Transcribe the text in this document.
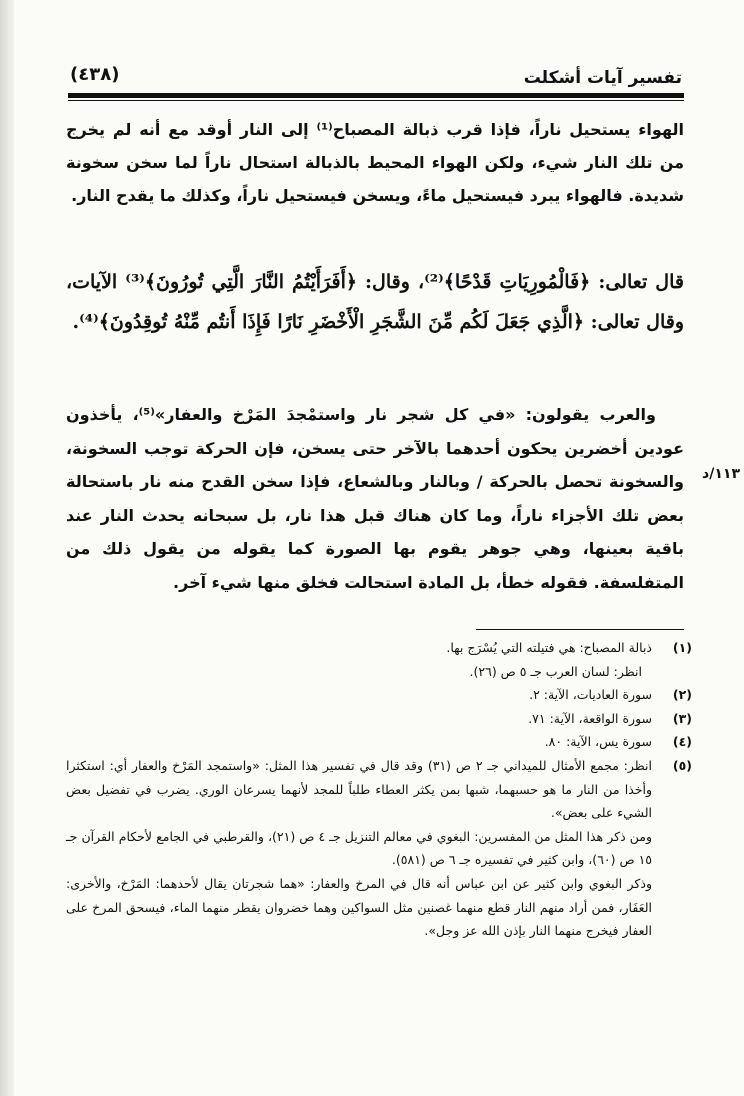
تفسير آيات أشكلت
(٤٣٨)

الهواء يستحيل ناراً، فإذا قرب ذبالة المصباح⁽¹⁾ إلى النار أوقد مع أنه لم يخرج من تلك النار شيء، ولكن الهواء المحيط بالذبالة استحال ناراً لما سخن سخونة شديدة. فالهواء يبرد فيستحيل ماءً، ويسخن فيستحيل ناراً، وكذلك ما يقدح النار.

قال تعالى: ﴿فَالْمُورِيَاتِ قَدْحًا﴾⁽²⁾، وقال: ﴿أَفَرَأَيْتُمُ النَّارَ الَّتِي تُورُونَ﴾⁽³⁾ الآيات، وقال تعالى: ﴿الَّذِي جَعَلَ لَكُم مِّنَ الشَّجَرِ الْأَخْضَرِ نَارًا فَإِذَا أَنتُم مِّنْهُ تُوقِدُونَ﴾⁽⁴⁾.

والعرب يقولون: «في كل شجر نار واستمْجدَ المَرْخ والعفار»⁽⁵⁾، يأخذون عودين أخضرين يحكون أحدهما بالآخر حتى يسخن، فإن الحركة توجب السخونة، والسخونة تحصل بالحركة / وبالنار وبالشعاع، فإذا سخن القدح منه نار باستحالة بعض تلك الأجزاء ناراً، وما كان هناك قبل هذا نار، بل سبحانه يحدث النار عند باقية بعينها، وهي جوهر يقوم بها الصورة كما يقوله من يقول ذلك من المتفلسفة. فقوله خطأ، بل المادة استحالت فخلق منها شيء آخر.

١١٣/د
(١)
ذبالة المصباح: هي فتيلته التي يُسْرَج بها.
انظر: لسان العرب جـ ٥ ص (٢٦).
(٢)
سورة العاديات، الآية: ٢.
(٣)
سورة الواقعة، الآية: ٧١.
(٤)
سورة يس، الآية: ٨٠.
(٥)
انظر: مجمع الأمثال للميداني جـ ٢ ص (٣١) وقد قال في تفسير هذا المثل: «واستمجد المَرْخ والعفار أي: استكثرا وأخذا من النار ما هو حسبهما، شبها بمن يكثر العطاء طلباً للمجد لأنهما يسرعان الوري. يضرب في تفضيل بعض الشيء على بعض».
ومن ذكر هذا المثل من المفسرين: البغوي في معالم التنزيل جـ ٤ ص (٢١)، والقرطبي في الجامع لأحكام القرآن جـ ١٥ ص (٦٠)، وابن كثير في تفسيره جـ ٦ ص (٥٨١).
وذكر البغوي وابن كثير عن ابن عباس أنه قال في المرخ والعفار: «هما شجرتان يقال لأحدهما: المَرْخ، والأخرى: العَفَار، فمن أراد منهم النار قطع منهما غصنين مثل السواكين وهما خضروان يقطر منهما الماء، فيسحق المرخ على العفار فيخرج منهما النار بإذن الله عز وجل».
